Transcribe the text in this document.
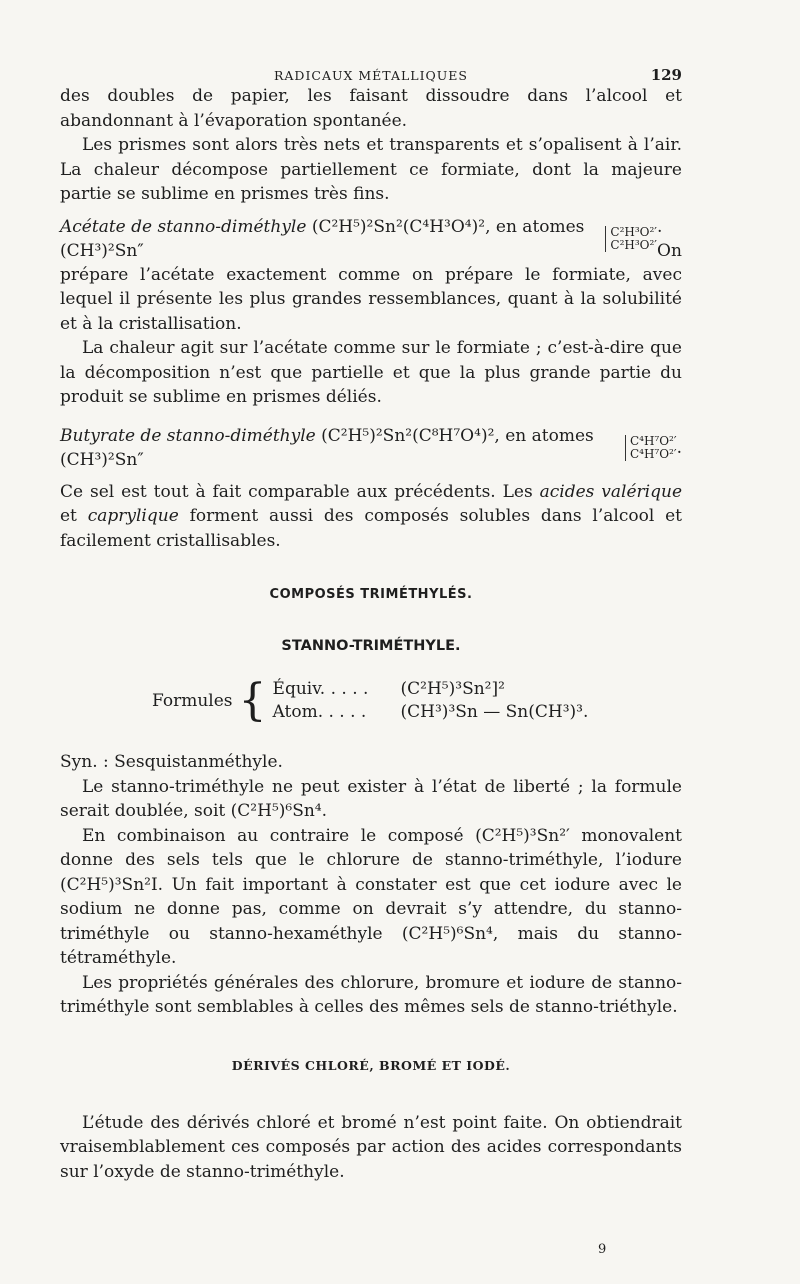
RADICAUX MÉTALLIQUES	129

des doubles de papier, les faisant dissoudre dans l’alcool et abandonnant à l’évaporation spontanée.

Les prismes sont alors très nets et transparents et s’opalisent à l’air. La chaleur décompose partiellement ce formiate, dont la majeure partie se sublime en prismes très fins.

Acétate de stanno-diméthyle (C²H⁵)²Sn²(C⁴H³O⁴)², en atomes (CH³)²Sn″
C²H³O²′
C²H³O²′
. On

prépare l’acétate exactement comme on prépare le formiate, avec lequel il présente les plus grandes ressemblances, quant à la solubilité et à la cristallisation.

La chaleur agit sur l’acétate comme sur le formiate ; c’est-à-dire que la décomposition n’est que partielle et que la plus grande partie du produit se sublime en prismes déliés.

Butyrate de stanno-diméthyle (C²H⁵)²Sn²(C⁸H⁷O⁴)², en atomes (CH³)²Sn″
C⁴H⁷O²′
C⁴H⁷O²′ .

Ce sel est tout à fait comparable aux précédents. Les acides valérique et caprylique forment aussi des composés solubles dans l’alcool et facilement cristallisables.

COMPOSÉS TRIMÉTHYLÉS.
STANNO-TRIMÉTHYLE.
Formules { Équiv. . . . .	(C²H⁵)³Sn²]²
Atom. . . . .	(CH³)³Sn — Sn(CH³)³.

Syn. : Sesquistanméthyle.

Le stanno-triméthyle ne peut exister à l’état de liberté ; la formule serait doublée, soit (C²H⁵)⁶Sn⁴.

En combinaison au contraire le composé (C²H⁵)³Sn²′ monovalent donne des sels tels que le chlorure de stanno-triméthyle, l’iodure (C²H⁵)³Sn²I. Un fait important à constater est que cet iodure avec le sodium ne donne pas, comme on devrait s’y attendre, du stanno-triméthyle ou stanno-hexaméthyle (C²H⁵)⁶Sn⁴, mais du stanno-tétraméthyle.

Les propriétés générales des chlorure, bromure et iodure de stanno-triméthyle sont semblables à celles des mêmes sels de stanno-triéthyle.

DÉRIVÉS CHLORÉ, BROMÉ ET IODÉ.

L’étude des dérivés chloré et bromé n’est point faite. On obtiendrait vraisemblablement ces composés par action des acides correspondants sur l’oxyde de stanno-triméthyle.

9
